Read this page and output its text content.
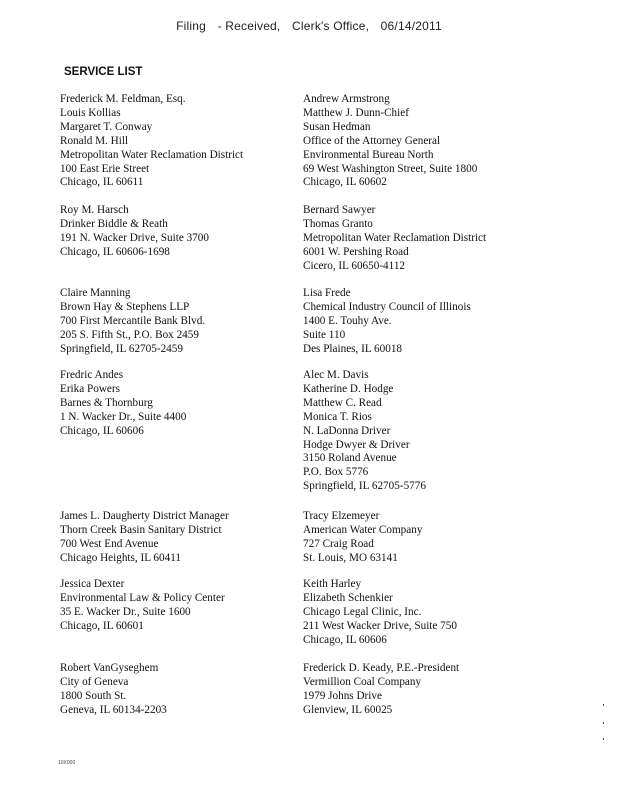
Filing - Received, Clerk's Office, 06/14/2011
SERVICE LIST
Frederick M. Feldman, Esq.
Louis Kollias
Margaret T. Conway
Ronald M. Hill
Metropolitan Water Reclamation District
100 East Erie Street
Chicago, IL 60611
Andrew Armstrong
Matthew J. Dunn-Chief
Susan Hedman
Office of the Attorney General
Environmental Bureau North
69 West Washington Street, Suite 1800
Chicago, IL 60602
Roy M. Harsch
Drinker Biddle & Reath
191 N. Wacker Drive, Suite 3700
Chicago, IL 60606-1698
Bernard Sawyer
Thomas Granto
Metropolitan Water Reclamation District
6001 W. Pershing Road
Cicero, IL 60650-4112
Claire Manning
Brown Hay & Stephens LLP
700 First Mercantile Bank Blvd.
205 S. Fifth St., P.O. Box 2459
Springfield, IL 62705-2459
Lisa Frede
Chemical Industry Council of Illinois
1400 E. Touhy Ave.
Suite 110
Des Plaines, IL 60018
Fredric Andes
Erika Powers
Barnes & Thornburg
1 N. Wacker Dr., Suite 4400
Chicago, IL 60606
Alec M. Davis
Katherine D. Hodge
Matthew C. Read
Monica T. Rios
N. LaDonna Driver
Hodge Dwyer & Driver
3150 Roland Avenue
P.O. Box 5776
Springfield, IL 62705-5776
James L. Daugherty District Manager
Thorn Creek Basin Sanitary District
700 West End Avenue
Chicago Heights, IL 60411
Tracy Elzemeyer
American Water Company
727 Craig Road
St. Louis, MO 63141
Jessica Dexter
Environmental Law & Policy Center
35 E. Wacker Dr., Suite 1600
Chicago, IL 60601
Keith Harley
Elizabeth Schenkier
Chicago Legal Clinic, Inc.
211 West Wacker Drive, Suite 750
Chicago, IL 60606
Robert VanGyseghem
City of Geneva
1800 South St.
Geneva, IL 60134-2203
Frederick D. Keady, P.E.-President
Vermillion Coal Company
1979 Johns Drive
Glenview, IL 60025
10X000
